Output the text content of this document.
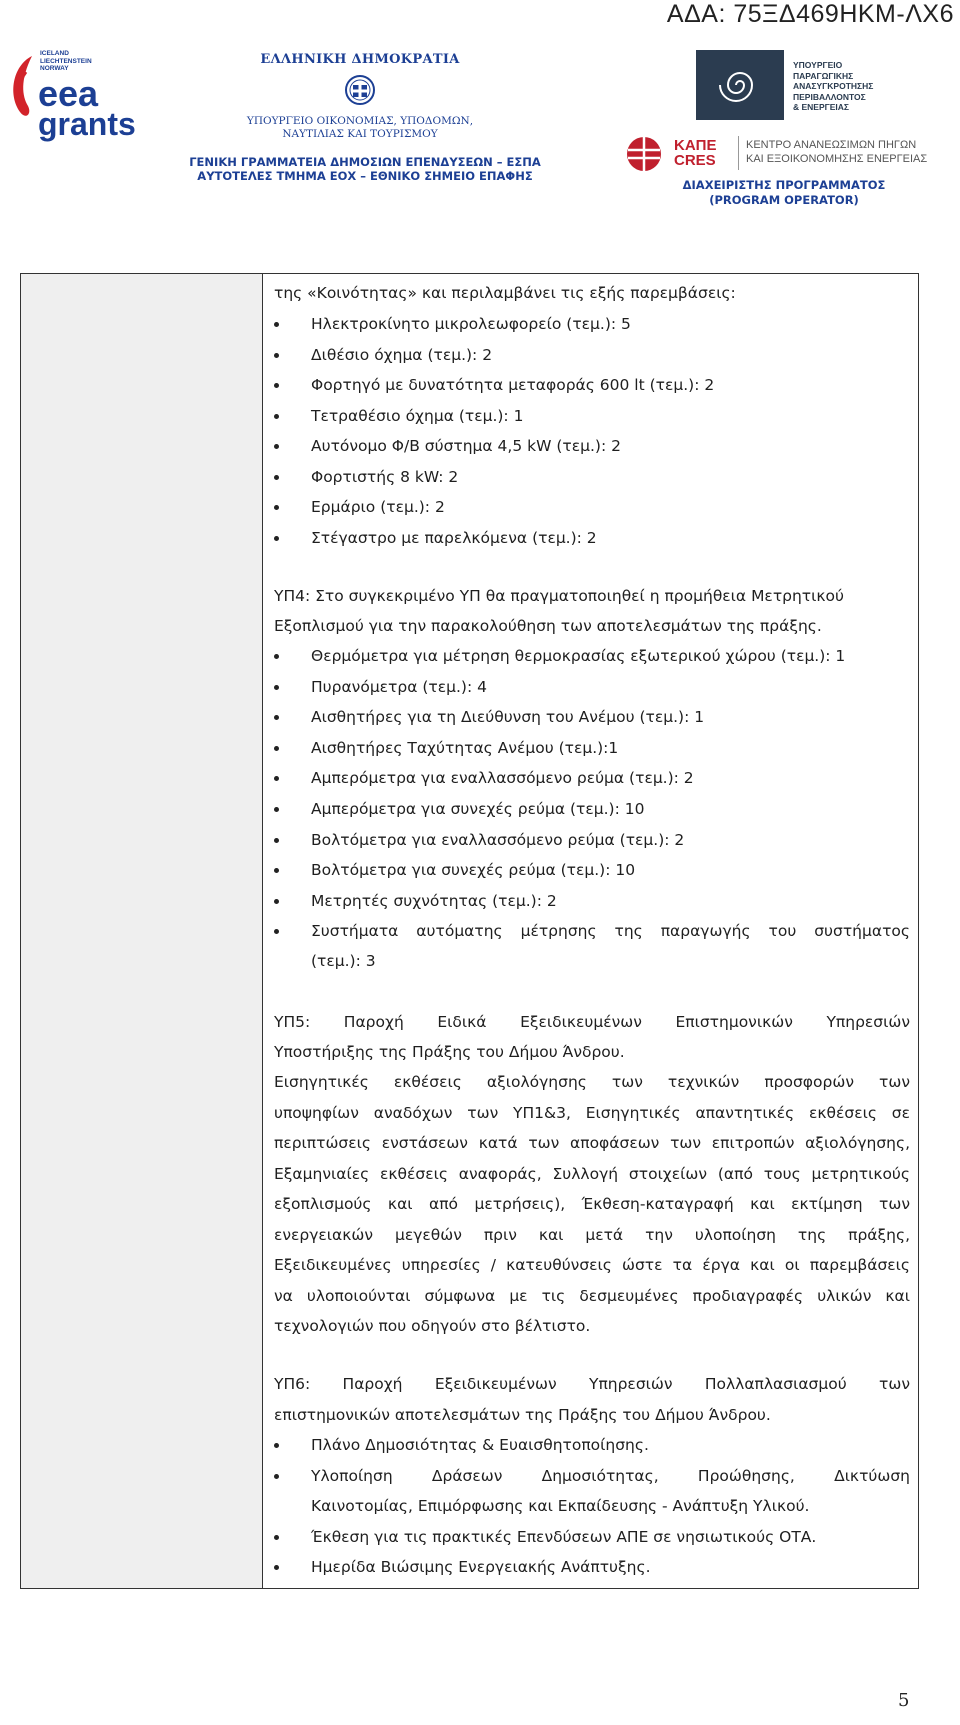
ΑΔΑ: 75ΞΔ469ΗΚΜ-ΛΧ6
ICELAND
LIECHTENSTEIN
NORWAY
eea
grants
ΕΛΛΗΝΙΚΗ ΔΗΜΟΚΡΑΤΙΑ
ΥΠΟΥΡΓΕΙΟ ΟΙΚΟΝΟΜΙΑΣ, ΥΠΟΔΟΜΩΝ,
ΝΑΥΤΙΛΙΑΣ ΚΑΙ ΤΟΥΡΙΣΜΟΥ
ΓΕΝΙΚΗ ΓΡΑΜΜΑΤΕΙΑ ΔΗΜΟΣΙΩΝ ΕΠΕΝΔΥΣΕΩΝ – ΕΣΠΑ
ΑΥΤΟΤΕΛΕΣ ΤΜΗΜΑ ΕΟΧ – ΕΘΝΙΚΟ ΣΗΜΕΙΟ ΕΠΑΦΗΣ
ΥΠΟΥΡΓΕΙΟ
ΠΑΡΑΓΩΓΙΚΗΣ
ΑΝΑΣΥΓΚΡΟΤΗΣΗΣ
ΠΕΡΙΒΑΛΛΟΝΤΟΣ
& ΕΝΕΡΓΕΙΑΣ
ΚΑΠΕ
CRES
ΚΕΝΤΡΟ ΑΝΑΝΕΩΣΙΜΩΝ ΠΗΓΩΝ
ΚΑΙ ΕΞΟΙΚΟΝΟΜΗΣΗΣ ΕΝΕΡΓΕΙΑΣ
ΔΙΑΧΕΙΡΙΣΤΗΣ ΠΡΟΓΡΑΜΜΑΤΟΣ
(PROGRAM OPERATOR)
της «Κοινότητας» και περιλαμβάνει τις εξής παρεμβάσεις:
Ηλεκτροκίνητο μικρολεωφορείο (τεμ.): 5
Διθέσιο όχημα (τεμ.): 2
Φορτηγό με δυνατότητα μεταφοράς 600 lt (τεμ.): 2
Τετραθέσιο όχημα (τεμ.): 1
Αυτόνομο Φ/Β σύστημα 4,5 kW (τεμ.): 2
Φορτιστής 8 kW: 2
Ερμάριο (τεμ.): 2
Στέγαστρο με παρελκόμενα (τεμ.): 2
ΥΠ4: Στο συγκεκριμένο ΥΠ θα πραγματοποιηθεί η προμήθεια Μετρητικού
Εξοπλισμού για την παρακολούθηση των αποτελεσμάτων της πράξης.
Θερμόμετρα για μέτρηση θερμοκρασίας εξωτερικού χώρου (τεμ.): 1
Πυρανόμετρα (τεμ.): 4
Αισθητήρες για τη Διεύθυνση του Ανέμου (τεμ.): 1
Αισθητήρες Ταχύτητας Ανέμου (τεμ.):1
Αμπερόμετρα για εναλλασσόμενο ρεύμα (τεμ.): 2
Αμπερόμετρα για συνεχές ρεύμα (τεμ.): 10
Βολτόμετρα για εναλλασσόμενο ρεύμα (τεμ.): 2
Βολτόμετρα για συνεχές ρεύμα (τεμ.): 10
Μετρητές συχνότητας (τεμ.): 2
Συστήματα αυτόματης μέτρησης της παραγωγής του συστήματος
(τεμ.): 3
ΥΠ5: Παροχή Ειδικά Εξειδικευμένων Επιστημονικών Υπηρεσιών
Υποστήριξης της Πράξης του Δήμου Άνδρου.
Εισηγητικές εκθέσεις αξιολόγησης των τεχνικών προσφορών των
υποψηφίων αναδόχων των ΥΠ1&3, Εισηγητικές απαντητικές εκθέσεις σε
περιπτώσεις ενστάσεων κατά των αποφάσεων των επιτροπών αξιολόγησης,
Εξαμηνιαίες εκθέσεις αναφοράς, Συλλογή στοιχείων (από τους μετρητικούς
εξοπλισμούς και από μετρήσεις), Έκθεση-καταγραφή και εκτίμηση των
ενεργειακών μεγεθών πριν και μετά την υλοποίηση της πράξης,
Εξειδικευμένες υπηρεσίες / κατευθύνσεις ώστε τα έργα και οι παρεμβάσεις
να υλοποιούνται σύμφωνα με τις δεσμευμένες προδιαγραφές υλικών και
τεχνολογιών που οδηγούν στο βέλτιστο.
ΥΠ6: Παροχή Εξειδικευμένων Υπηρεσιών Πολλαπλασιασμού των
επιστημονικών αποτελεσμάτων της Πράξης του Δήμου Άνδρου.
Πλάνο Δημοσιότητας & Ευαισθητοποίησης.
Υλοποίηση Δράσεων Δημοσιότητας, Προώθησης, Δικτύωση
Καινοτομίας, Επιμόρφωσης και Εκπαίδευσης - Ανάπτυξη Υλικού.
Έκθεση για τις πρακτικές Επενδύσεων ΑΠΕ σε νησιωτικούς ΟΤΑ.
Ημερίδα Βιώσιμης Ενεργειακής Ανάπτυξης.
5
